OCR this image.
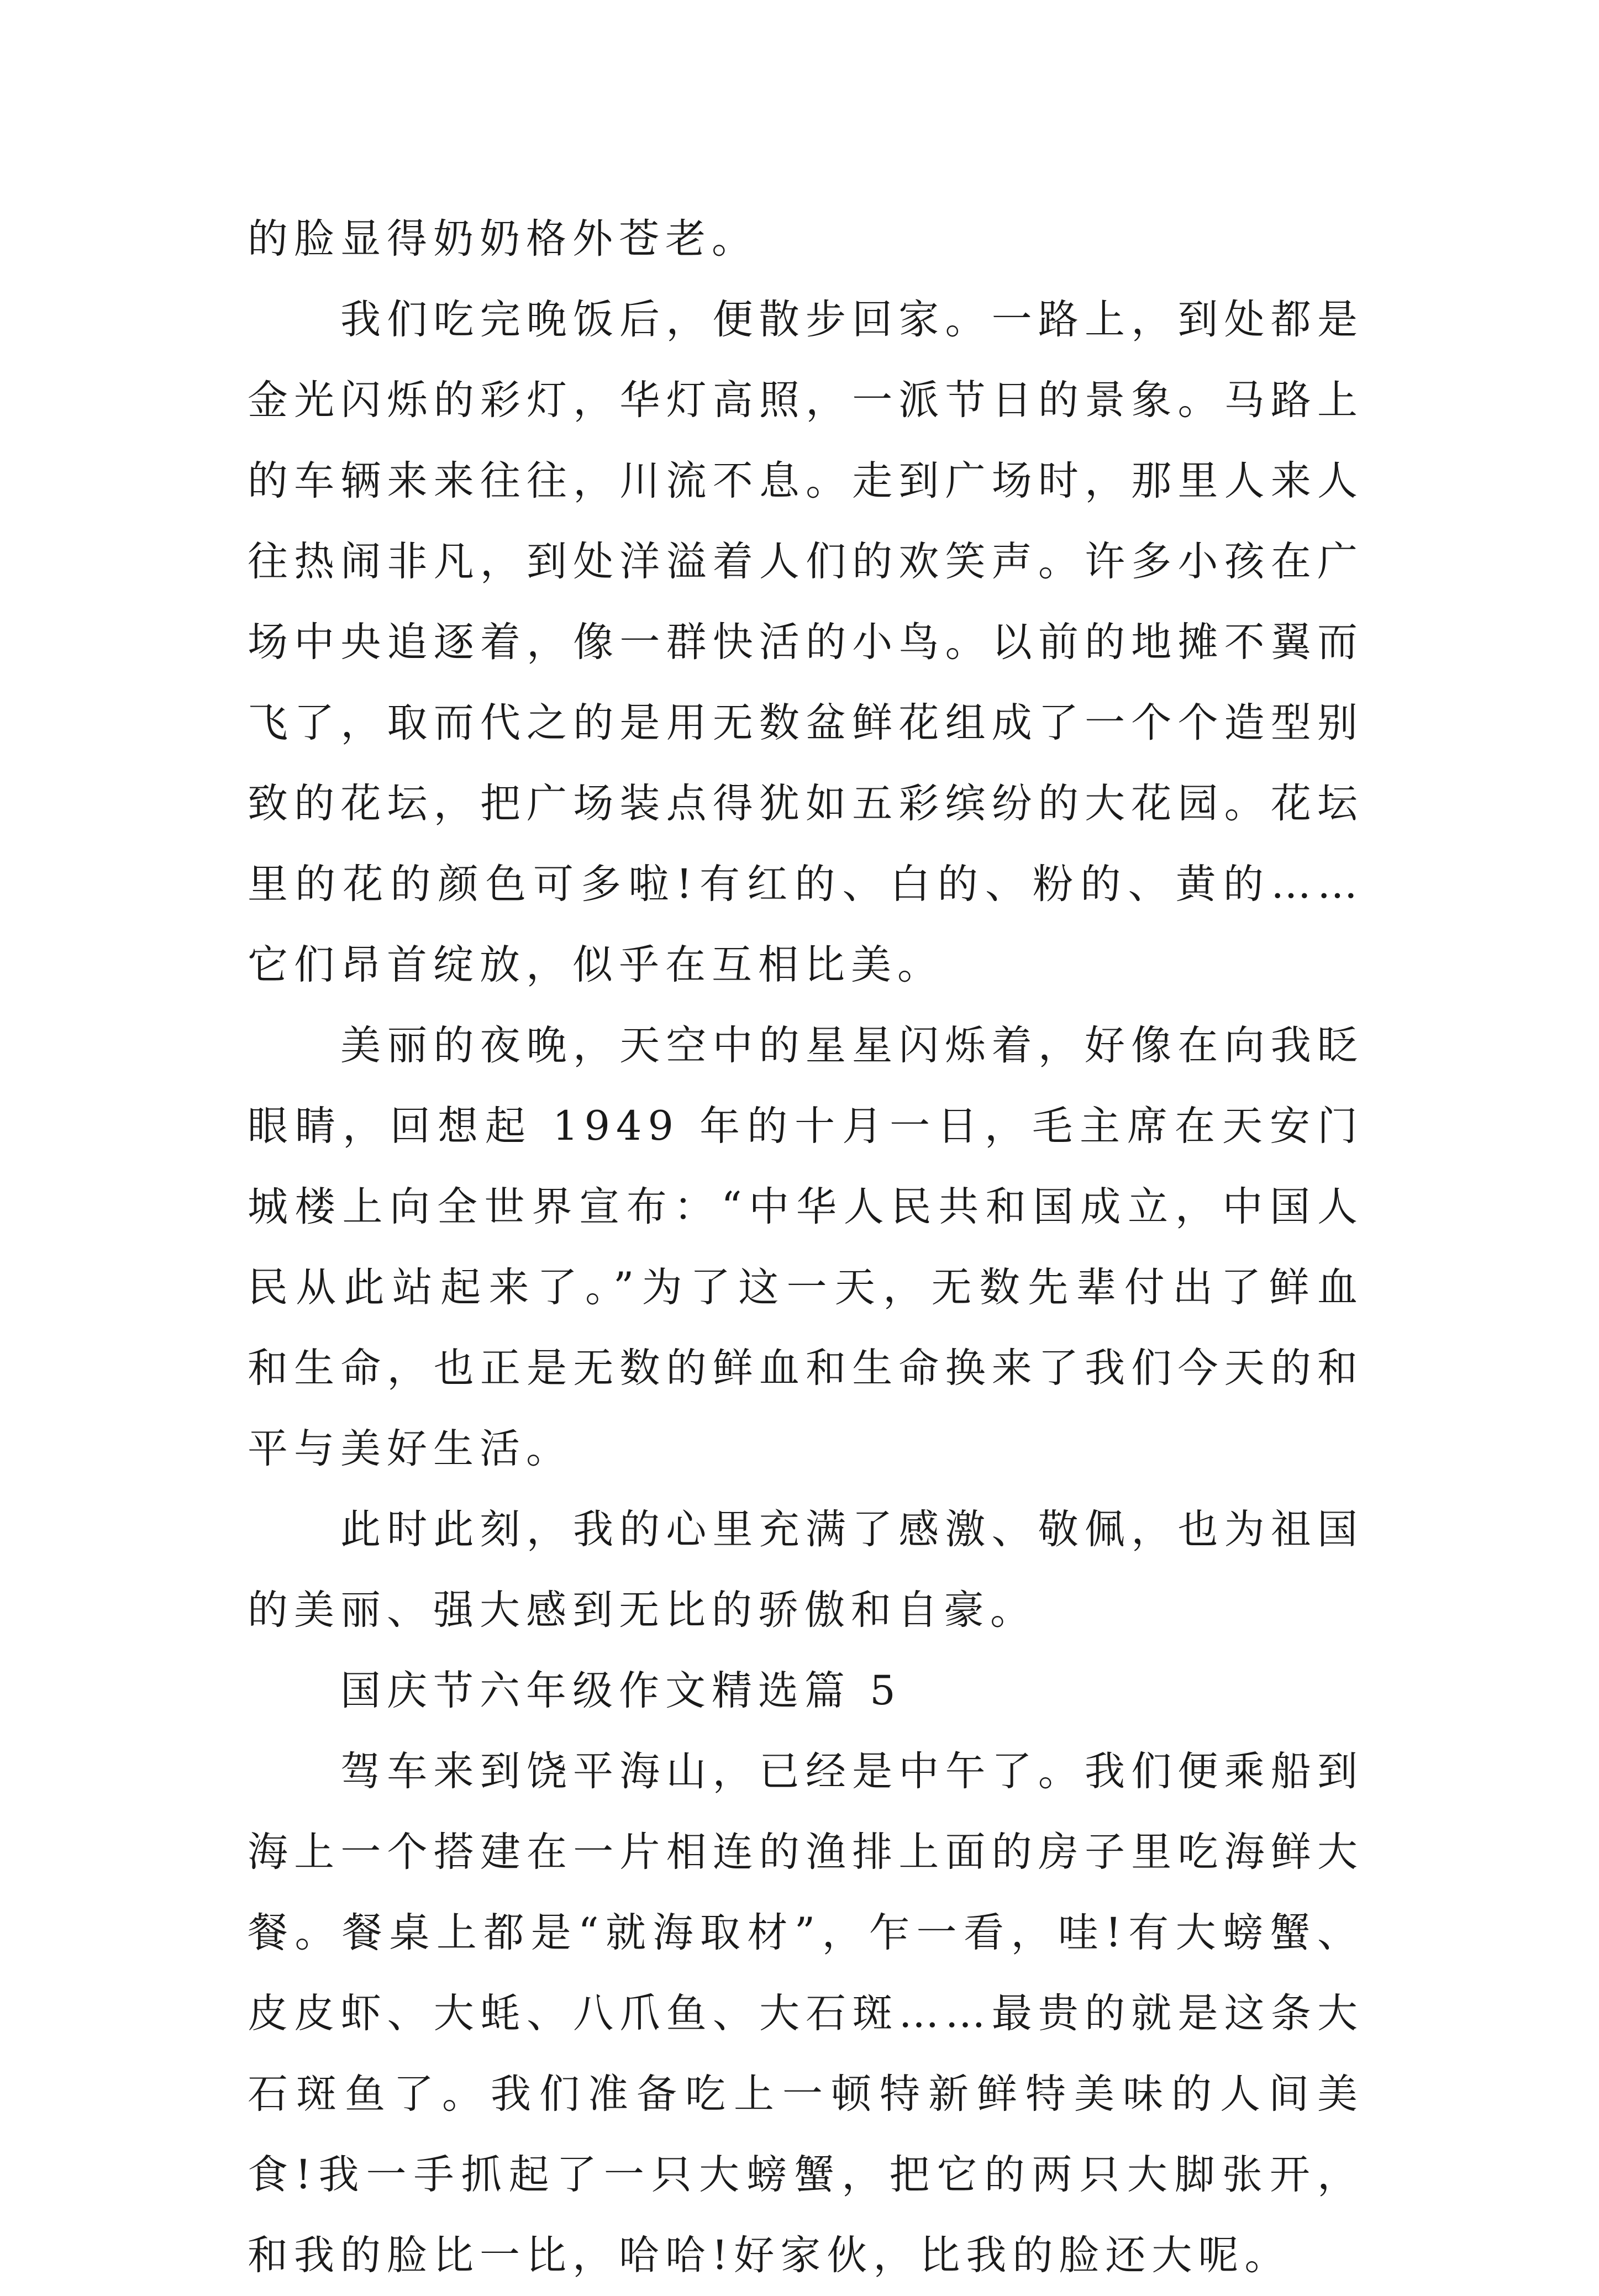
的脸显得奶奶格外苍老。

我们吃完晚饭后，便散步回家。一路上，到处都是金光闪烁的彩灯，华灯高照，一派节日的景象。马路上的车辆来来往往，川流不息。走到广场时，那里人来人往热闹非凡，到处洋溢着人们的欢笑声。许多小孩在广场中央追逐着，像一群快活的小鸟。以前的地摊不翼而飞了，取而代之的是用无数盆鲜花组成了一个个造型别致的花坛，把广场装点得犹如五彩缤纷的大花园。花坛里的花的颜色可多啦!有红的、白的、粉的、黄的……它们昂首绽放，似乎在互相比美。

美丽的夜晚，天空中的星星闪烁着，好像在向我眨眼睛，回想起 1949 年的十月一日，毛主席在天安门城楼上向全世界宣布：“中华人民共和国成立，中国人民从此站起来了。”为了这一天，无数先辈付出了鲜血和生命，也正是无数的鲜血和生命换来了我们今天的和平与美好生活。

此时此刻，我的心里充满了感激、敬佩，也为祖国的美丽、强大感到无比的骄傲和自豪。

国庆节六年级作文精选篇 5

驾车来到饶平海山，已经是中午了。我们便乘船到海上一个搭建在一片相连的渔排上面的房子里吃海鲜大餐。餐桌上都是“就海取材”，乍一看，哇!有大螃蟹、皮皮虾、大蚝、八爪鱼、大石斑……最贵的就是这条大石斑鱼了。我们准备吃上一顿特新鲜特美味的人间美食!我一手抓起了一只大螃蟹，把它的两只大脚张开，和我的脸比一比，哈哈!好家伙，比我的脸还大呢。
